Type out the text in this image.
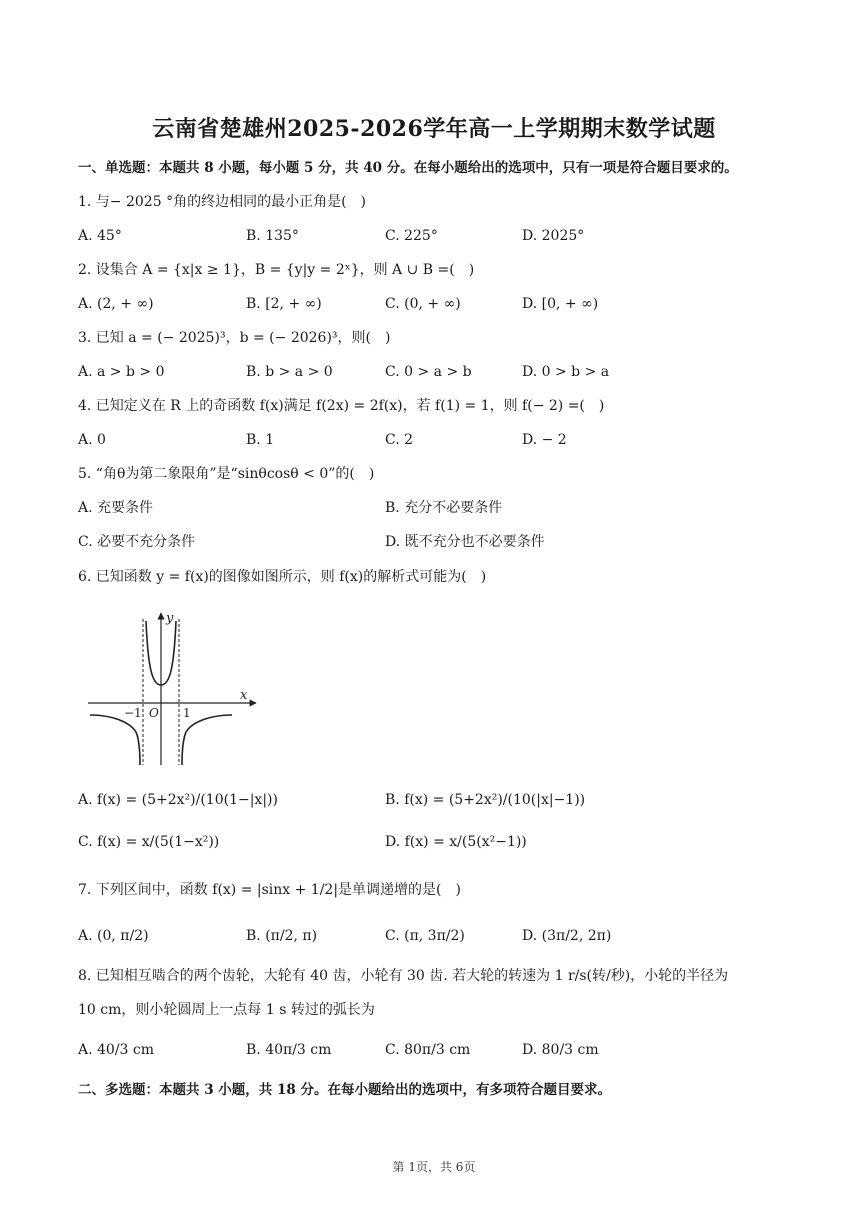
云南省楚雄州2025-2026学年高一上学期期末数学试题
一、单选题：本题共 8 小题，每小题 5 分，共 40 分。在每小题给出的选项中，只有一项是符合题目要求的。
1. 与− 2025 °角的终边相同的最小正角是(　)
A. 45°	B. 135°	C. 225°	D. 2025°
2. 设集合 A = {x|x ≥ 1}，B = {y|y = 2ˣ}，则 A ∪ B =(　)
A. (2, + ∞)	B. [2, + ∞)	C. (0, + ∞)	D. [0, + ∞)
3. 已知 a = (− 2025)³，b = (− 2026)³，则(　)
A. a > b > 0	B. b > a > 0	C. 0 > a > b	D. 0 > b > a
4. 已知定义在 R 上的奇函数 f(x)满足 f(2x) = 2f(x)，若 f(1) = 1，则 f(− 2) =(　)
A. 0	B. 1	C. 2	D. − 2
5. “角θ为第二象限角”是“sinθcosθ < 0”的(　)
A. 充要条件	B. 充分不必要条件
C. 必要不充分条件	D. 既不充分也不必要条件
6. 已知函数 y = f(x)的图像如图所示，则 f(x)的解析式可能为(　)
x
y
O
−1	1
A. f(x) = (5+2x²)/(10(1−|x|))	B. f(x) = (5+2x²)/(10(|x|−1))
C. f(x) = x/(5(1−x²))	D. f(x) = x/(5(x²−1))
7. 下列区间中，函数 f(x) = |sinx + 1/2|是单调递增的是(　)
A. (0, π/2)	B. (π/2, π)	C. (π, 3π/2)	D. (3π/2, 2π)
8. 已知相互啮合的两个齿轮，大轮有 40 齿，小轮有 30 齿. 若大轮的转速为 1 r/s(转/秒)，小轮的半径为
10 cm，则小轮圆周上一点每 1 s 转过的弧长为
A. 40/3 cm	B. 40π/3 cm	C. 80π/3 cm	D. 80/3 cm
二、多选题：本题共 3 小题，共 18 分。在每小题给出的选项中，有多项符合题目要求。
第 1页，共 6页
